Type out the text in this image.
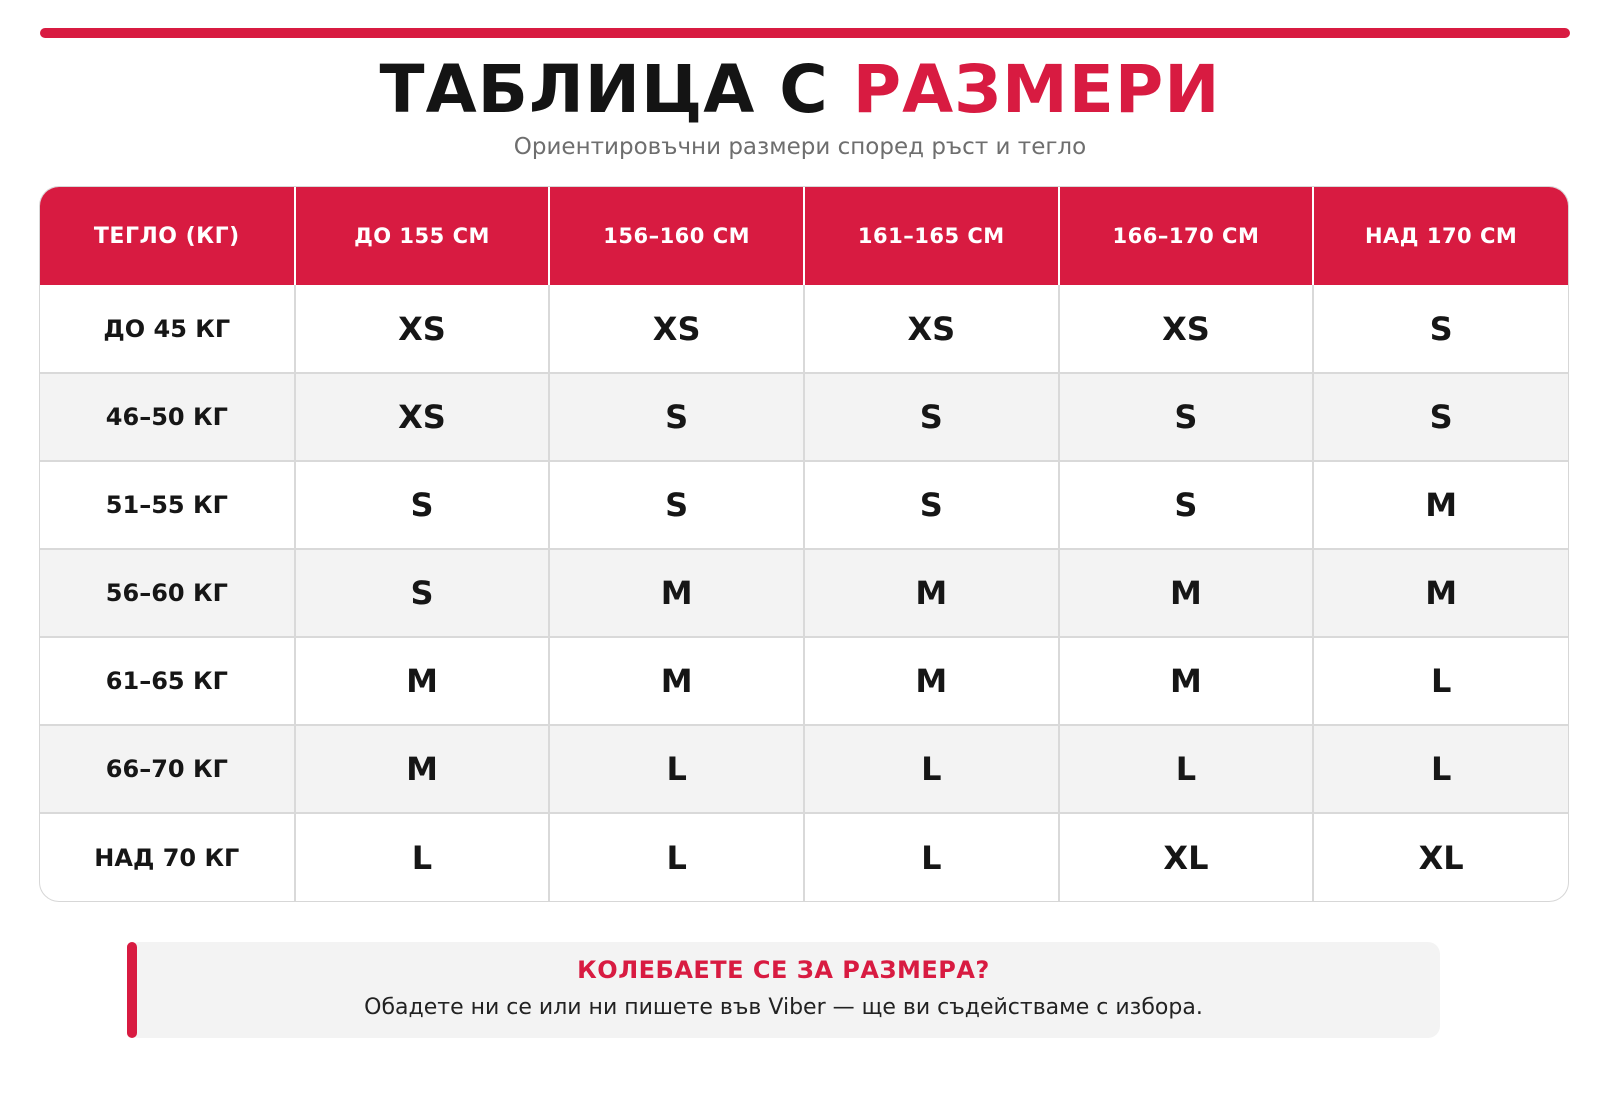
ТАБЛИЦА С РАЗМЕРИ
Ориентировъчни размери според ръст и тегло
ТЕГЛО (КГ)	ДО 155 СМ	156–160 СМ	161–165 СМ	166–170 СМ	НАД 170 СМ
ДО 45 КГ	XS	XS	XS	XS	S
46–50 КГ	XS	S	S	S	S
51–55 КГ	S	S	S	S	M
56–60 КГ	S	M	M	M	M
61–65 КГ	M	M	M	M	L
66–70 КГ	M	L	L	L	L
НАД 70 КГ	L	L	L	XL	XL
КОЛЕБАЕТЕ СЕ ЗА РАЗМЕРА?
Обадете ни се или ни пишете във Viber — ще ви съдействаме с избора.
